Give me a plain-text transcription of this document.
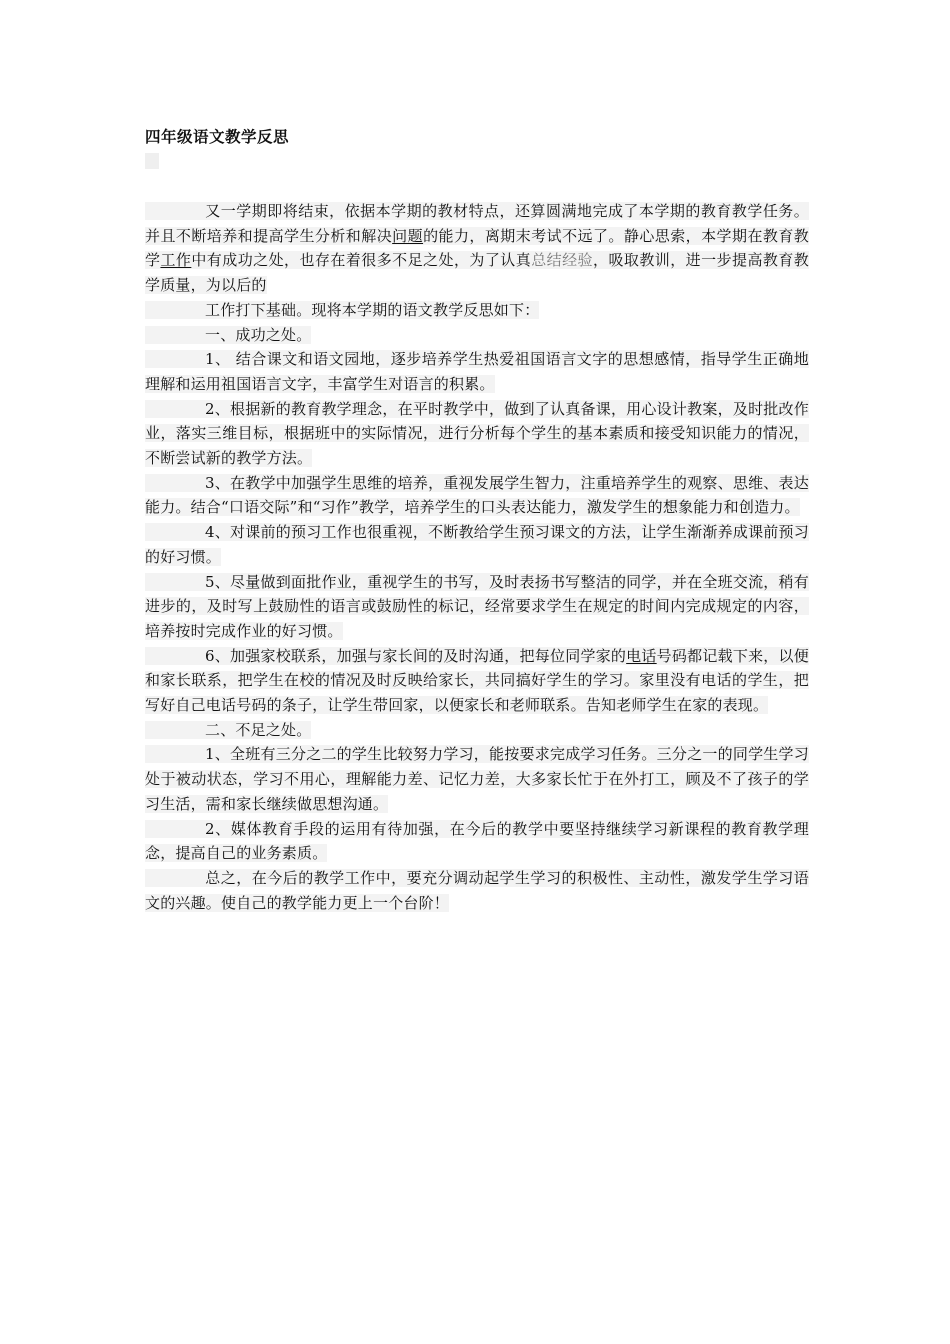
四年级语文教学反思

又一学期即将结束，依据本学期的教材特点，还算圆满地完成了本学期的教育教学任务。并且不断培养和提高学生分析和解决问题的能力，离期末考试不远了。静心思索，本学期在教育教学工作中有成功之处，也存在着很多不足之处，为了认真总结经验，吸取教训，进一步提高教育教学质量，为以后的

工作打下基础。现将本学期的语文教学反思如下：

一、成功之处。

1、 结合课文和语文园地，逐步培养学生热爱祖国语言文字的思想感情，指导学生正确地理解和运用祖国语言文字，丰富学生对语言的积累。

2、根据新的教育教学理念，在平时教学中，做到了认真备课，用心设计教案，及时批改作业，落实三维目标，根据班中的实际情况，进行分析每个学生的基本素质和接受知识能力的情况，不断尝试新的教学方法。

3、在教学中加强学生思维的培养，重视发展学生智力，注重培养学生的观察、思维、表达能力。结合“口语交际”和“习作”教学，培养学生的口头表达能力，激发学生的想象能力和创造力。

4、对课前的预习工作也很重视，不断教给学生预习课文的方法，让学生渐渐养成课前预习的好习惯。

5、尽量做到面批作业，重视学生的书写，及时表扬书写整洁的同学，并在全班交流，稍有进步的，及时写上鼓励性的语言或鼓励性的标记，经常要求学生在规定的时间内完成规定的内容，培养按时完成作业的好习惯。

6、加强家校联系，加强与家长间的及时沟通，把每位同学家的电话号码都记载下来，以便和家长联系，把学生在校的情况及时反映给家长，共同搞好学生的学习。家里没有电话的学生，把写好自己电话号码的条子，让学生带回家，以便家长和老师联系。告知老师学生在家的表现。

二、不足之处。

1、全班有三分之二的学生比较努力学习，能按要求完成学习任务。三分之一的同学生学习处于被动状态，学习不用心，理解能力差、记忆力差，大多家长忙于在外打工，顾及不了孩子的学习生活，需和家长继续做思想沟通。

2、媒体教育手段的运用有待加强，在今后的教学中要坚持继续学习新课程的教育教学理念，提高自己的业务素质。

总之，在今后的教学工作中，要充分调动起学生学习的积极性、主动性，激发学生学习语文的兴趣。使自己的教学能力更上一个台阶！
